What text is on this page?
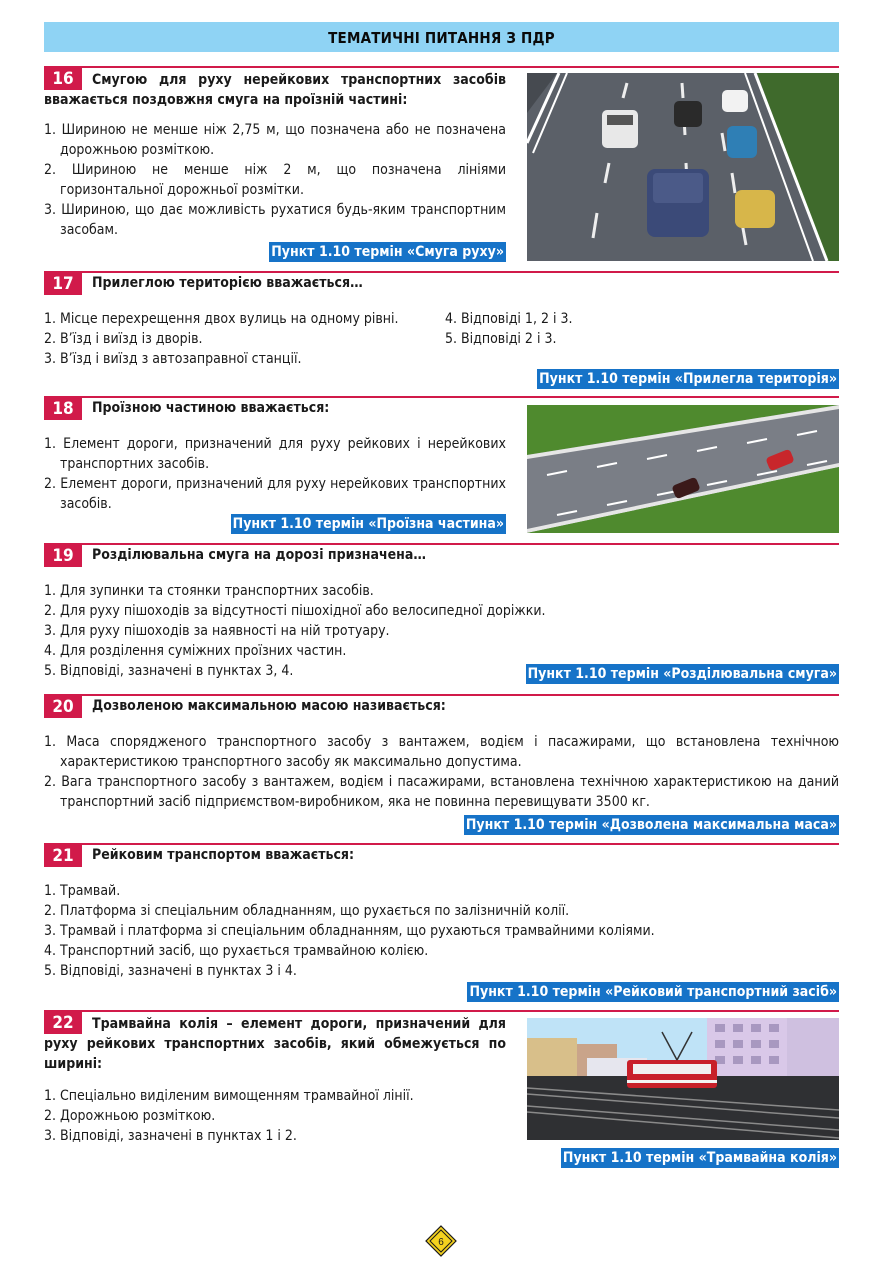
ТЕМАТИЧНІ ПИТАННЯ З ПДР
16	Смугою для руху нерейкових транспортних засобів вважається поздовжня смуга на проїзній частині:
1. Шириною не менше ніж 2,75 м, що позначена або не позначена дорожньою розміткою.
2. Шириною не менше ніж 2 м, що позначена лініями горизонтальної дорожньої розмітки.
3. Шириною, що дає можливість рухатися будь-яким транспортним засобам.
Пункт 1.10 термін «Смуга руху»
17	Прилеглою територією вважається…
1. Місце перехрещення двох вулиць на одному рівні.
2. В’їзд і виїзд із дворів.
3. В’їзд і виїзд з автозаправної станції.
4. Відповіді 1, 2 і 3.
5. Відповіді 2 і 3.
Пункт 1.10 термін «Прилегла територія»
18	Проїзною частиною вважається:
1. Елемент дороги, призначений для руху рейкових і нерейкових транспортних засобів.
2. Елемент дороги, призначений для руху нерейкових транспортних засобів.
Пункт 1.10 термін «Проїзна частина»
19	Розділювальна смуга на дорозі призначена…
1. Для зупинки та стоянки транспортних засобів.
2. Для руху пішоходів за відсутності пішохідної або велосипедної доріжки.
3. Для руху пішоходів за наявності на ній тротуару.
4. Для розділення суміжних проїзних частин.
5. Відповіді, зазначені в пунктах 3, 4.	Пункт 1.10 термін «Розділювальна смуга»
20	Дозволеною максимальною масою називається:
1. Маса спорядженого транспортного засобу з вантажем, водієм і пасажирами, що встановлена технічною характеристикою транспортного засобу як максимально допустима.
2. Вага транспортного засобу з вантажем, водієм і пасажирами, встановлена технічною характеристикою на даний транспортний засіб підприємством-виробником, яка не повинна перевищувати 3500 кг.
Пункт 1.10 термін «Дозволена максимальна маса»
21	Рейковим транспортом вважається:
1. Трамвай.
2. Платформа зі спеціальним обладнанням, що рухається по залізничній колії.
3. Трамвай і платформа зі спеціальним обладнанням, що рухаються трамвайними коліями.
4. Транспортний засіб, що рухається трамвайною колією.
5. Відповіді, зазначені в пунктах 3 і 4.
Пункт 1.10 термін «Рейковий транспортний засіб»
22	Трамвайна колія – елемент дороги, призначений для руху рейкових транспортних засобів, який обмежується по ширині:
1. Спеціально виділеним вимощенням трамвайної лінії.
2. Дорожньою розміткою.
3. Відповіді, зазначені в пунктах 1 і 2.
Пункт 1.10 термін «Трамвайна колія»
6
